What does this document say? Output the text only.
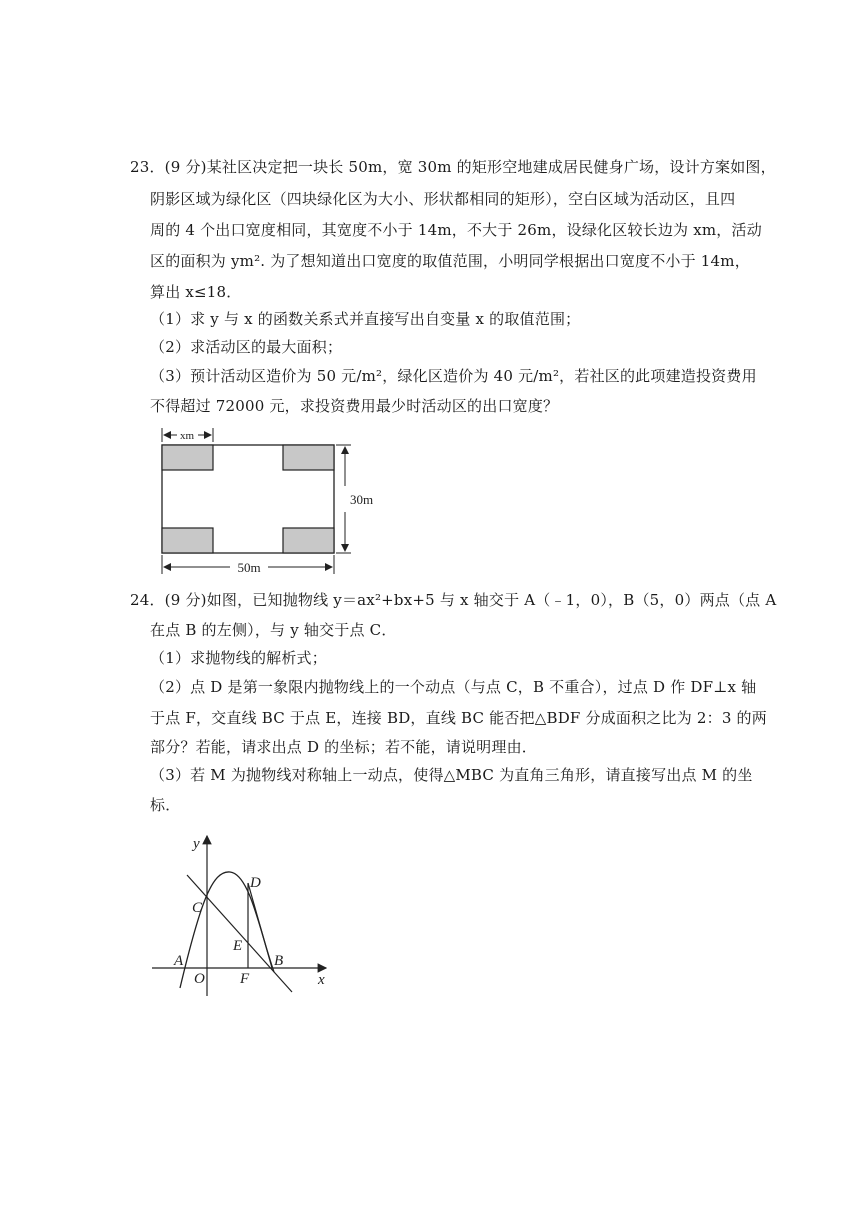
23．(9 分)某社区决定把一块长 50m，宽 30m 的矩形空地建成居民健身广场，设计方案如图，
阴影区域为绿化区（四块绿化区为大小、形状都相同的矩形），空白区域为活动区，且四
周的 4 个出口宽度相同，其宽度不小于 14m，不大于 26m，设绿化区较长边为 xm，活动
区的面积为 ym². 为了想知道出口宽度的取值范围，小明同学根据出口宽度不小于 14m，
算出 x≤18．
（1）求 y 与 x 的函数关系式并直接写出自变量 x 的取值范围；
（2）求活动区的最大面积；
（3）预计活动区造价为 50 元/m²，绿化区造价为 40 元/m²，若社区的此项建造投资费用
不得超过 72000 元，求投资费用最少时活动区的出口宽度？
xm
30m
50m
24．(9 分)如图，已知抛物线 y＝ax²+bx+5 与 x 轴交于 A（﹣1，0），B（5，0）两点（点 A
在点 B 的左侧），与 y 轴交于点 C．
（1）求抛物线的解析式；
（2）点 D 是第一象限内抛物线上的一个动点（与点 C，B 不重合），过点 D 作 DF⊥x 轴
于点 F，交直线 BC 于点 E，连接 BD，直线 BC 能否把△BDF 分成面积之比为 2：3 的两
部分？若能，请求出点 D 的坐标；若不能，请说明理由．
（3）若 M 为抛物线对称轴上一动点，使得△MBC 为直角三角形，请直接写出点 M 的坐
标．
y
x
C
D
E
A
O F
B
